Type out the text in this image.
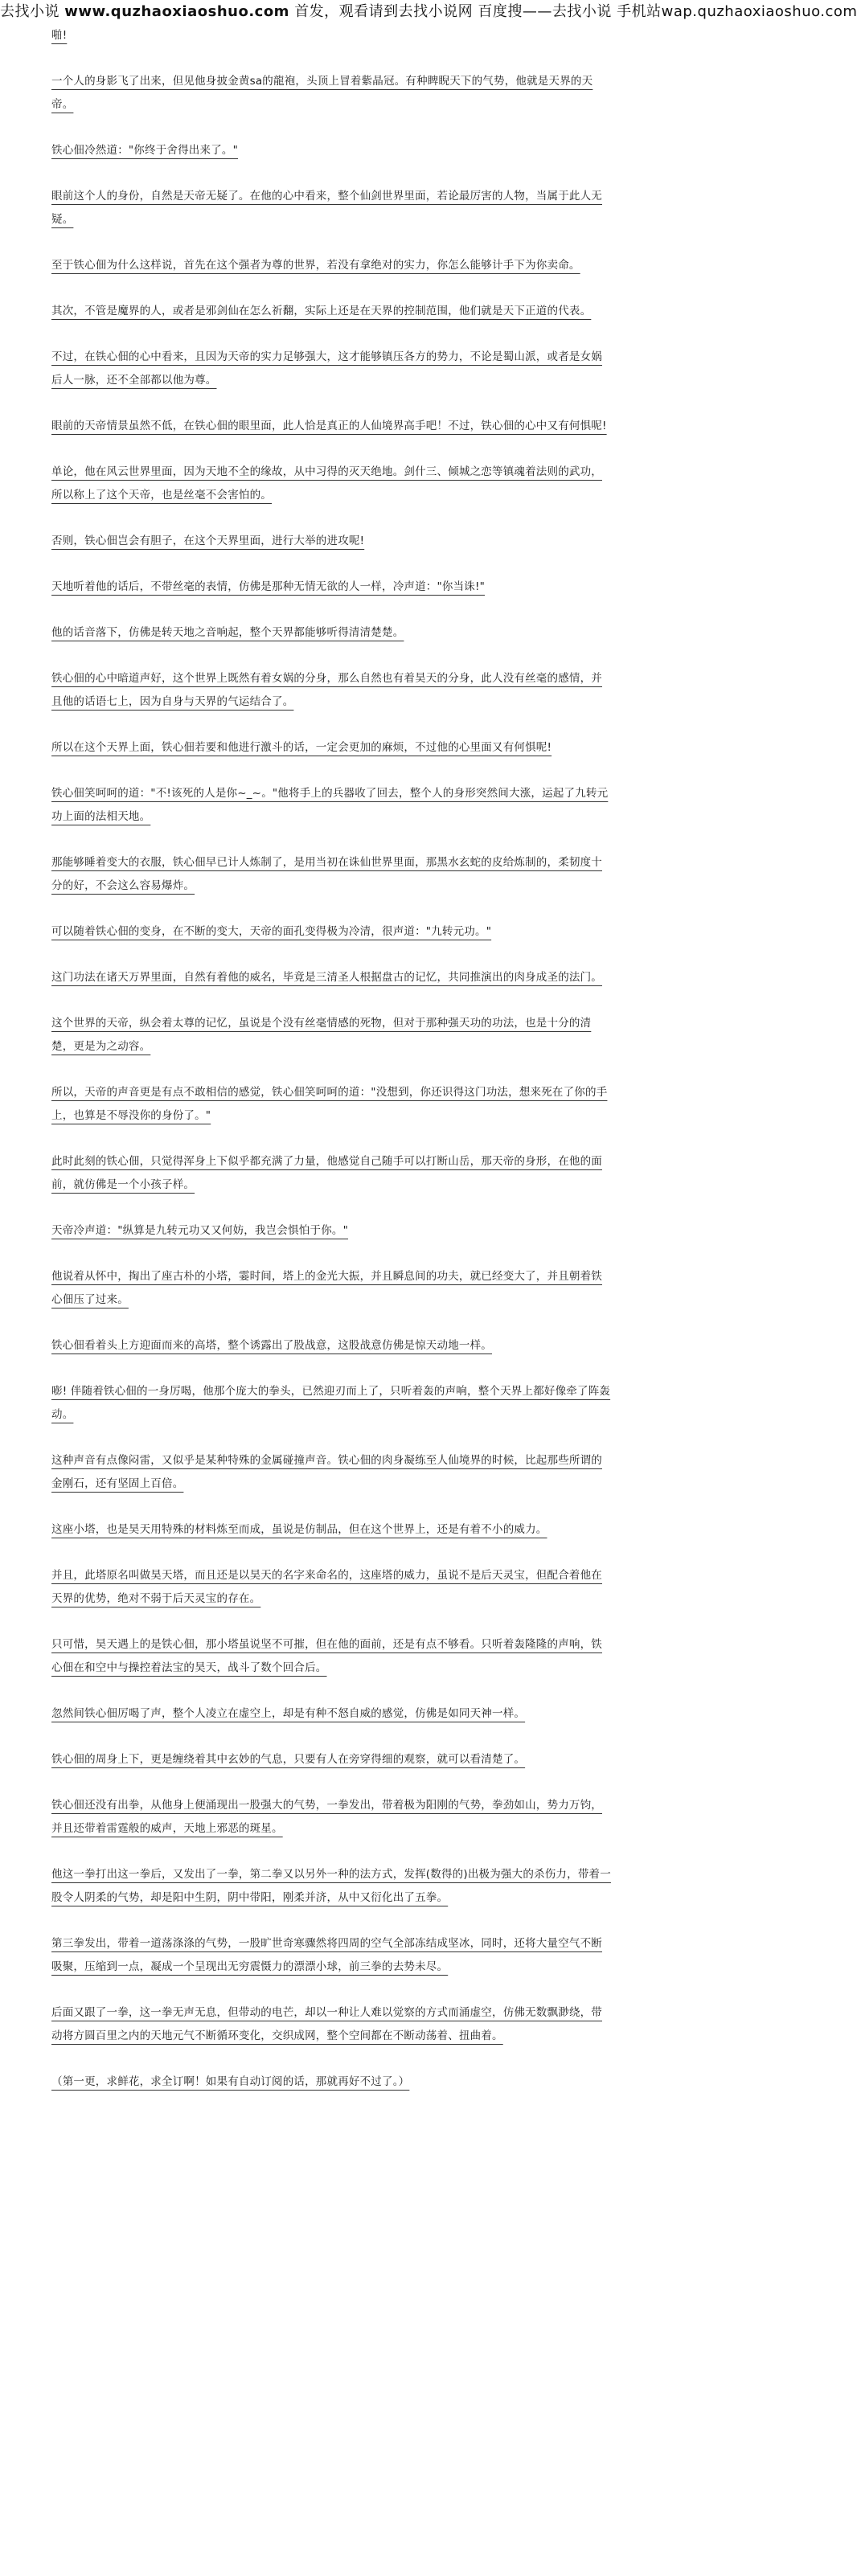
去找小说 www.quzhaoxiaoshuo.com 首发，观看请到去找小说网 百度搜——去找小说 手机站wap.quzhaoxiaoshuo.com
啪!
一个人的身影飞了出来，但见他身披金黄sa的龍袍，头顶上冒着紫晶冠。有种睥睨天下的气势，他就是天界的天帝。
铁心佃冷然道："你终于舍得出来了。"
眼前这个人的身份，自然是天帝无疑了。在他的心中看来，整个仙剑世界里面，若论最厉害的人物，当属于此人无疑。
至于铁心佃为什么这样说，首先在这个强者为尊的世界，若没有拿绝对的实力，你怎么能够计手下为你卖命。
其次，不管是魔界的人，或者是邪剑仙在怎么祈翻，实际上还是在天界的控制范围，他们就是天下正道的代表。
不过，在铁心佃的心中看来，且因为天帝的实力足够强大，这才能够镇压各方的势力，不论是蜀山派，或者是女娲后人一脉，还不全部都以他为尊。
眼前的天帝情景虽然不低，在铁心佃的眼里面，此人恰是真正的人仙境界高手吧！不过，铁心佃的心中又有何惧呢!
单论，他在风云世界里面，因为天地不全的缘故，从中习得的灭天绝地。剑什三、倾城之恋等镇魂着法则的武功，所以称上了这个天帝，也是丝毫不会害怕的。
否则，铁心佃岂会有胆子，在这个天界里面，进行大举的进攻呢!
天地听着他的话后，不带丝毫的表情，仿佛是那种无情无欲的人一样，冷声道："你当诛!"
他的话音落下，仿佛是转天地之音响起，整个天界都能够听得清清楚楚。
铁心佃的心中暗道声好，这个世界上既然有着女娲的分身，那么自然也有着昊天的分身，此人没有丝毫的感情，并且他的话语七上，因为自身与天界的气运结合了。
所以在这个天界上面，铁心佃若要和他进行激斗的话，一定会更加的麻烦，不过他的心里面又有何惧呢!
铁心佃笑呵呵的道："不!该死的人是你~_~。"他将手上的兵器收了回去，整个人的身形突然间大涨，运起了九转元功上面的法相天地。
那能够睡着变大的衣服，铁心佃早已计人炼制了，是用当初在诛仙世界里面，那黑水玄蛇的皮给炼制的，柔韧度十分的好，不会这么容易爆炸。
可以随着铁心佃的变身，在不断的变大，天帝的面孔变得极为冷清，很声道："九转元功。"
这门功法在诸天万界里面，自然有着他的威名，毕竟是三清圣人根据盘古的记忆，共同推演出的肉身成圣的法门。
这个世界的天帝，纵会着太尊的记忆，虽说是个没有丝毫情感的死物，但对于那种强天功的功法，也是十分的清楚，更是为之动容。
所以，天帝的声音更是有点不敢相信的感觉，铁心佃笑呵呵的道："没想到，你还识得这门功法，想来死在了你的手上，也算是不辱没你的身份了。"
此时此刻的铁心佃，只觉得浑身上下似乎都充满了力量，他感觉自己随手可以打断山岳，那天帝的身形，在他的面前，就仿佛是一个小孩子样。
天帝冷声道："纵算是九转元功又又何妨，我岂会惧怕于你。"
他说着从怀中，掏出了座古朴的小塔，霎时间，塔上的金光大振，并且瞬息间的功夫，就已经变大了，并且朝着铁心佃压了过来。
铁心佃看着头上方迎面而来的高塔，整个诱露出了股战意，这股战意仿佛是惊天动地一样。
嘭! 伴随着铁心佃的一身厉喝，他那个庞大的拳头，已然迎刃而上了，只听着轰的声响，整个天界上都好像牵了阵轰动。
这种声音有点像闷雷，又似乎是某种特殊的金属碰撞声音。铁心佃的肉身凝练至人仙境界的时候，比起那些所谓的金刚石，还有坚固上百倍。
这座小塔，也是昊天用特殊的材料炼至而成，虽说是仿制品，但在这个世界上，还是有着不小的威力。
并且，此塔原名叫做昊天塔，而且还是以昊天的名字来命名的，这座塔的威力，虽说不是后天灵宝，但配合着他在天界的优势，绝对不弱于后天灵宝的存在。
只可惜，昊天遇上的是铁心佃，那小塔虽说坚不可摧，但在他的面前，还是有点不够看。只听着轰隆隆的声响，铁心佃在和空中与操控着法宝的昊天，战斗了数个回合后。
忽然间铁心佃厉喝了声，整个人凌立在虚空上，却是有种不怒自威的感觉，仿佛是如同天神一样。
铁心佃的周身上下，更是缠绕着其中玄妙的气息，只要有人在旁穿得细的观察，就可以看清楚了。
铁心佃还没有出拳，从他身上便涌现出一股强大的气势，一拳发出，带着极为阳刚的气势，拳劲如山，势力万钧，并且还带着雷霆般的威声，天地上邪恶的斑星。
他这一拳打出这一拳后，又发出了一拳，第二拳又以另外一种的法方式，发挥(数得的)出极为强大的杀伤力，带着一股令人阴柔的气势，却是阳中生阴，阴中带阳，刚柔并济，从中又衍化出了五拳。
第三拳发出，带着一道荡涤涤的气势，一股旷世奇寒骤然将四周的空气全部冻结成坚冰，同时，还将大量空气不断吸聚，压缩到一点，凝成一个呈现出无穷震慑力的漂漂小球，前三拳的去势未尽。
后面又跟了一拳，这一拳无声无息，但带动的电芒，却以一种让人难以觉察的方式而涌虚空，仿佛无数飘渺绕，带动将方圆百里之内的天地元气不断循环变化，交织成网，整个空间都在不断动荡着、扭曲着。
（第一更，求鲜花，求全订啊！如果有自动订阅的话，那就再好不过了。）
